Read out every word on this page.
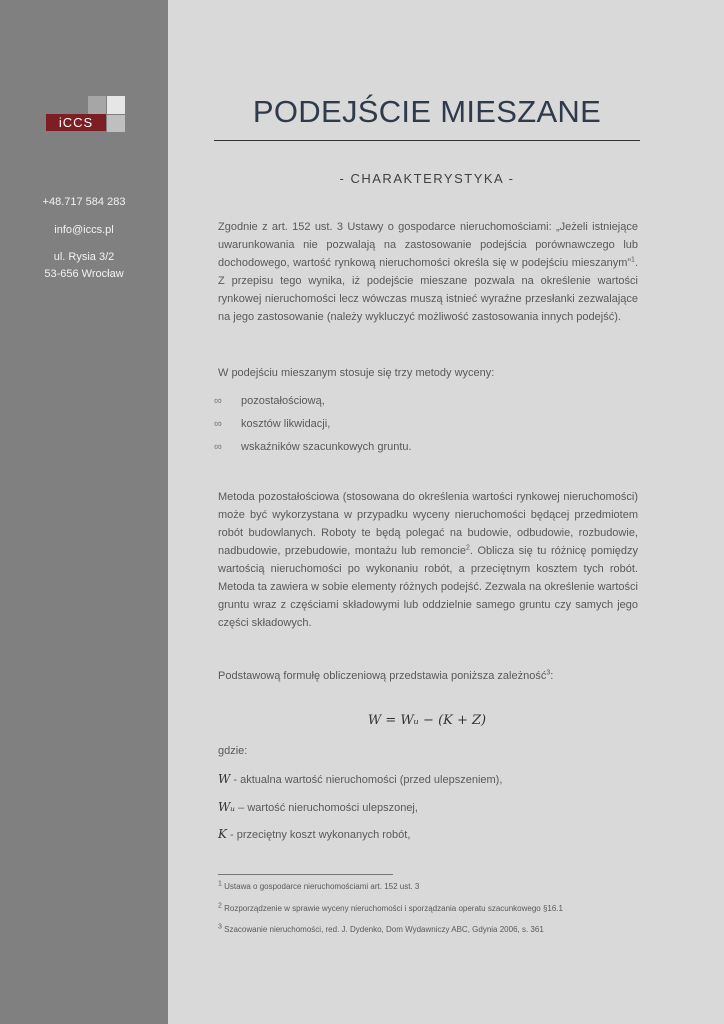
iCCS
+48.717 584 283
info@iccs.pl
ul. Rysia 3/2
53-656 Wrocław
PODEJŚCIE MIESZANE
- CHARAKTERYSTYKA -

Zgodnie z art. 152 ust. 3 Ustawy o gospodarce nieruchomościami: „Jeżeli istniejące uwarunkowania nie pozwalają na zastosowanie podejścia porównawczego lub dochodowego, wartość rynkową nieruchomości określa się w podejściu mieszanym”$^1$. Z przepisu tego wynika, iż podejście mieszane pozwala na określenie wartości rynkowej nieruchomości lecz wówczas muszą istnieć wyraźne przesłanki zezwalające na jego zastosowanie (należy wykluczyć możliwość zastosowania innych podejść).

W podejściu mieszanym stosuje się trzy metody wyceny:

∞ pozostałościową,
∞ kosztów likwidacji,
∞ wskaźników szacunkowych gruntu.

Metoda pozostałościowa (stosowana do określenia wartości rynkowej nieruchomości) może być wykorzystana w przypadku wyceny nieruchomości będącej przedmiotem robót budowlanych. Roboty te będą polegać na budowie, odbudowie, rozbudowie, nadbudowie, przebudowie, montażu lub remoncie$^2$. Oblicza się tu różnicę pomiędzy wartością nieruchomości po wykonaniu robót, a przeciętnym kosztem tych robót. Metoda ta zawiera w sobie elementy różnych podejść. Zezwala na określenie wartości gruntu wraz z częściami składowymi lub oddzielnie samego gruntu czy samych jego części składowych.

Podstawową formułę obliczeniową przedstawia poniższa zależność$^3$:

W = Wᵤ − (K + Z)
gdzie:
W - aktualna wartość nieruchomości (przed ulepszeniem),
Wᵤ – wartość nieruchomości ulepszonej,
K - przeciętny koszt wykonanych robót,
$^1$ Ustawa o gospodarce nieruchomościami art. 152 ust. 3
$^2$ Rozporządzenie w sprawie wyceny nieruchomości i sporządzania operatu szacunkowego §16.1
$^3$ Szacowanie nieruchomości, red. J. Dydenko, Dom Wydawniczy ABC, Gdynia 2006, s. 361
